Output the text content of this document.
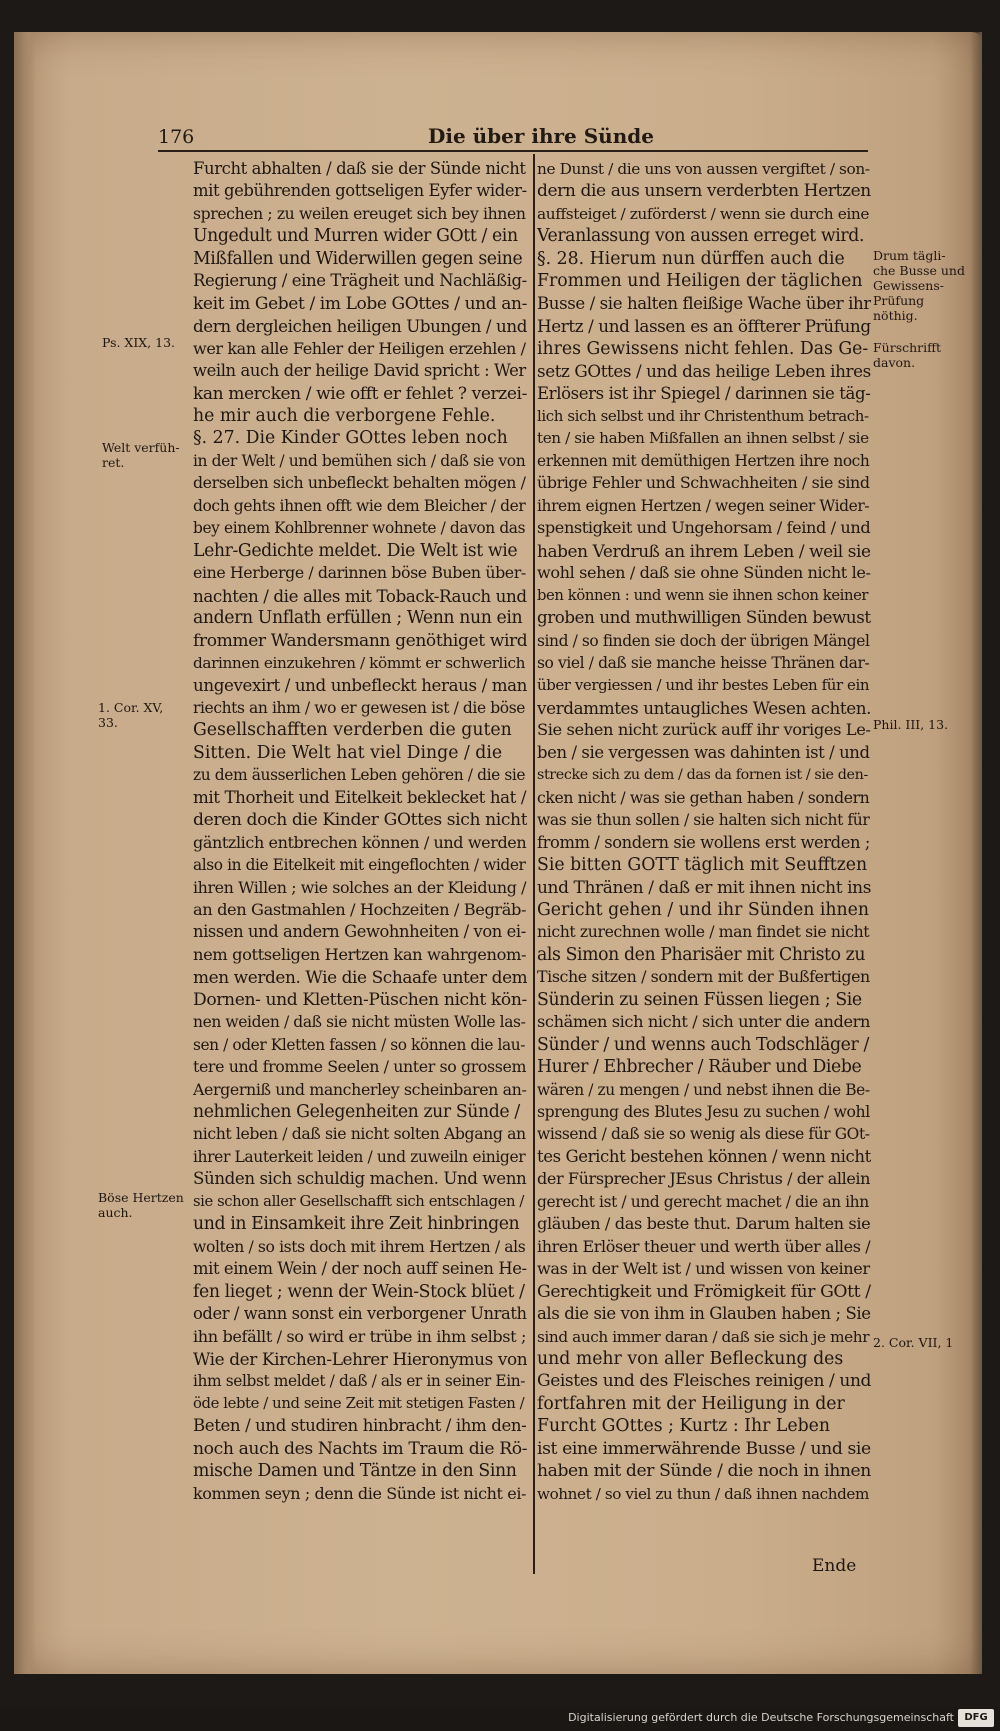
176	Die über ihre Sünde
Furcht abhalten / daß sie der Sünde nicht
mit gebührenden gottseligen Eyfer wider-
sprechen ; zu weilen ereuget sich bey ihnen
Ungedult und Murren wider GOtt / ein
Mißfallen und Widerwillen gegen seine
Regierung / eine Trägheit und Nachläßig-
keit im Gebet / im Lobe GOttes / und an-
dern dergleichen heiligen Ubungen / und
wer kan alle Fehler der Heiligen erzehlen /
weiln auch der heilige David spricht : Wer
kan mercken / wie offt er fehlet ? verzei-
he mir auch die verborgene Fehle.
§. 27. Die Kinder GOttes leben noch
in der Welt / und bemühen sich / daß sie von
derselben sich unbefleckt behalten mögen /
doch gehts ihnen offt wie dem Bleicher / der
bey einem Kohlbrenner wohnete / davon das
Lehr-Gedichte meldet. Die Welt ist wie
eine Herberge / darinnen böse Buben über-
nachten / die alles mit Toback-Rauch und
andern Unflath erfüllen ; Wenn nun ein
frommer Wandersmann genöthiget wird
darinnen einzukehren / kömmt er schwerlich
ungevexirt / und unbefleckt heraus / man
riechts an ihm / wo er gewesen ist / die böse
Gesellschafften verderben die guten
Sitten. Die Welt hat viel Dinge / die
zu dem äusserlichen Leben gehören / die sie
mit Thorheit und Eitelkeit beklecket hat /
deren doch die Kinder GOttes sich nicht
gäntzlich entbrechen können / und werden
also in die Eitelkeit mit eingeflochten / wider
ihren Willen ; wie solches an der Kleidung /
an den Gastmahlen / Hochzeiten / Begräb-
nissen und andern Gewohnheiten / von ei-
nem gottseligen Hertzen kan wahrgenom-
men werden. Wie die Schaafe unter dem
Dornen- und Kletten-Püschen nicht kön-
nen weiden / daß sie nicht müsten Wolle las-
sen / oder Kletten fassen / so können die lau-
tere und fromme Seelen / unter so grossem
Aergerniß und mancherley scheinbaren an-
nehmlichen Gelegenheiten zur Sünde /
nicht leben / daß sie nicht solten Abgang an
ihrer Lauterkeit leiden / und zuweiln einiger
Sünden sich schuldig machen. Und wenn
sie schon aller Gesellschafft sich entschlagen /
und in Einsamkeit ihre Zeit hinbringen
wolten / so ists doch mit ihrem Hertzen / als
mit einem Wein / der noch auff seinen He-
fen lieget ; wenn der Wein-Stock blüet /
oder / wann sonst ein verborgener Unrath
ihn befällt / so wird er trübe in ihm selbst ;
Wie der Kirchen-Lehrer Hieronymus von
ihm selbst meldet / daß / als er in seiner Ein-
öde lebte / und seine Zeit mit stetigen Fasten /
Beten / und studiren hinbracht / ihm den-
noch auch des Nachts im Traum die Rö-
mische Damen und Täntze in den Sinn
kommen seyn ; denn die Sünde ist nicht ei-
ne Dunst / die uns von aussen vergiftet / son-
dern die aus unsern verderbten Hertzen
auffsteiget / zuförderst / wenn sie durch eine
Veranlassung von aussen erreget wird.
§. 28. Hierum nun dürffen auch die
Frommen und Heiligen der täglichen
Busse / sie halten fleißige Wache über ihr
Hertz / und lassen es an öffterer Prüfung
ihres Gewissens nicht fehlen. Das Ge-
setz GOttes / und das heilige Leben ihres
Erlösers ist ihr Spiegel / darinnen sie täg-
lich sich selbst und ihr Christenthum betrach-
ten / sie haben Mißfallen an ihnen selbst / sie
erkennen mit demüthigen Hertzen ihre noch
übrige Fehler und Schwachheiten / sie sind
ihrem eignen Hertzen / wegen seiner Wider-
spenstigkeit und Ungehorsam / feind / und
haben Verdruß an ihrem Leben / weil sie
wohl sehen / daß sie ohne Sünden nicht le-
ben können : und wenn sie ihnen schon keiner
groben und muthwilligen Sünden bewust
sind / so finden sie doch der übrigen Mängel
so viel / daß sie manche heisse Thränen dar-
über vergiessen / und ihr bestes Leben für ein
verdammtes untaugliches Wesen achten.
Sie sehen nicht zurück auff ihr voriges Le-
ben / sie vergessen was dahinten ist / und
strecke sich zu dem / das da fornen ist / sie den-
cken nicht / was sie gethan haben / sondern
was sie thun sollen / sie halten sich nicht für
fromm / sondern sie wollens erst werden ;
Sie bitten GOTT täglich mit Seufftzen
und Thränen / daß er mit ihnen nicht ins
Gericht gehen / und ihr Sünden ihnen
nicht zurechnen wolle / man findet sie nicht
als Simon den Pharisäer mit Christo zu
Tische sitzen / sondern mit der Bußfertigen
Sünderin zu seinen Füssen liegen ; Sie
schämen sich nicht / sich unter die andern
Sünder / und wenns auch Todschläger /
Hurer / Ehbrecher / Räuber und Diebe
wären / zu mengen / und nebst ihnen die Be-
sprengung des Blutes Jesu zu suchen / wohl
wissend / daß sie so wenig als diese für GOt-
tes Gericht bestehen können / wenn nicht
der Fürsprecher JEsus Christus / der allein
gerecht ist / und gerecht machet / die an ihn
gläuben / das beste thut. Darum halten sie
ihren Erlöser theuer und werth über alles /
was in der Welt ist / und wissen von keiner
Gerechtigkeit und Frömigkeit für GOtt /
als die sie von ihm in Glauben haben ; Sie
sind auch immer daran / daß sie sich je mehr
und mehr von aller Befleckung des
Geistes und des Fleisches reinigen / und
fortfahren mit der Heiligung in der
Furcht GOttes ; Kurtz : Ihr Leben
ist eine immerwährende Busse / und sie
haben mit der Sünde / die noch in ihnen
wohnet / so viel zu thun / daß ihnen nachdem
Ps. XIX, 13.
Welt verfüh-
ret.
1. Cor. XV,
33.
Böse Hertzen
auch.
Drum tägli-
che Busse und
Gewissens-
Prüfung
nöthig.
Fürschrifft
davon.
Phil. III, 13.
2. Cor. VII, 1
Ende
Digitalisierung gefördert durch die Deutsche Forschungsgemeinschaft	DFG
